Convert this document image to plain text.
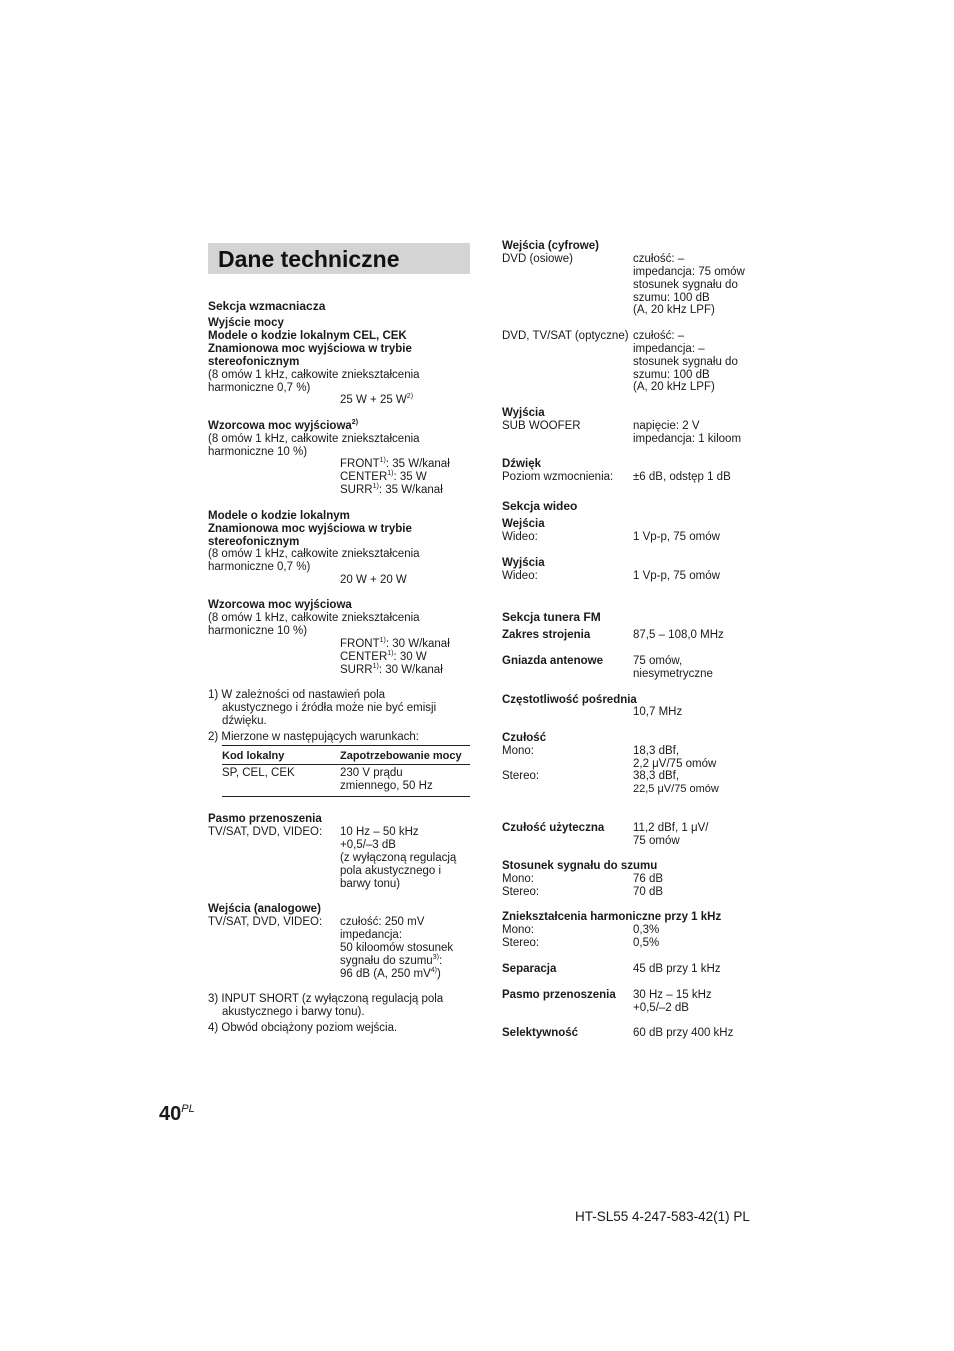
Dane techniczne
Sekcja wzmacniacza
Wyjście mocy
Modele o kodzie lokalnym CEL, CEK
Znamionowa moc wyjściowa w trybie
stereofonicznym
(8 omów 1 kHz, całkowite zniekształcenia
harmoniczne 0,7 %)
25 W + 25 $W^{2)}$
Wzorcowa moc wyjściowa$^{2)}$
(8 omów 1 kHz, całkowite zniekształcenia
harmoniczne 10 %)
FRONT$^{1)}$: 35 W/kanał
CENTER$^{1)}$: 35 W
SURR$^{1)}$: 35 W/kanał
Modele o kodzie lokalnym
Znamionowa moc wyjściowa w trybie
stereofonicznym
(8 omów 1 kHz, całkowite zniekształcenia
harmoniczne 0,7 %)
20 W + 20 W
Wzorcowa moc wyjściowa
(8 omów 1 kHz, całkowite zniekształcenia
harmoniczne 10 %)
FRONT$^{1)}$: 30 W/kanał
CENTER$^{1)}$: 30 W
SURR$^{1)}$: 30 W/kanał
1) W zależności od nastawień pola
akustycznego i źródła może nie być emisji
dźwięku.
2) Mierzone w następujących warunkach:
Kod lokalny	Zapotrzebowanie mocy
SP, CEL, CEK	230 V prądu
zmiennego, 50 Hz
Pasmo przenoszenia
TV/SAT, DVD, VIDEO: 10 Hz – 50 kHz
+0,5/–3 dB
(z wyłączoną regulacją
pola akustycznego i
barwy tonu)
Wejścia (analogowe)
TV/SAT, DVD, VIDEO: czułość: 250 mV
impedancja:
50 kiloomów stosunek
sygnału do szumu$^{3)}$:
96 dB (A, 250 $mV^{4)}$)
3) INPUT SHORT (z wyłączoną regulacją pola
akustycznego i barwy tonu).
4) Obwód obciążony poziom wejścia.
Wejścia (cyfrowe)
DVD (osiowe)	czułość: –
impedancja: 75 omów
stosunek sygnału do
szumu: 100 dB
(A, 20 kHz LPF)
DVD, TV/SAT (optyczne) czułość: –
impedancja: –
stosunek sygnału do
szumu: 100 dB
(A, 20 kHz LPF)
Wyjścia
SUB WOOFER	napięcie: 2 V
impedancja: 1 kiloom
Dźwięk
Poziom wzmocnienia: ±6 dB, odstęp 1 dB
Sekcja wideo
Wejścia
Wideo:	1 Vp-p, 75 omów
Wyjścia
Wideo:	1 Vp-p, 75 omów
Sekcja tunera FM
Zakres strojenia	87,5 – 108,0 MHz
Gniazda antenowe	75 omów,
niesymetryczne
Częstotliwość pośrednia
10,7 MHz
Czułość
Mono:	18,3 dBf,
2,2 μV/75 omów
Stereo:	38,3 dBf,
22,5 μV/75 omów
Czułość użyteczna	11,2 dBf, 1 μV/
75 omów
Stosunek sygnału do szumu
Mono:	76 dB
Stereo:	70 dB
Zniekształcenia harmoniczne przy 1 kHz
Mono:	0,3%
Stereo:	0,5%
Separacja	45 dB przy 1 kHz
Pasmo przenoszenia 30 Hz – 15 kHz
+0,5/–2 dB
Selektywność	60 dB przy 400 kHz
$40^{PL}$
HT-SL55 4-247-583-42(1) PL
